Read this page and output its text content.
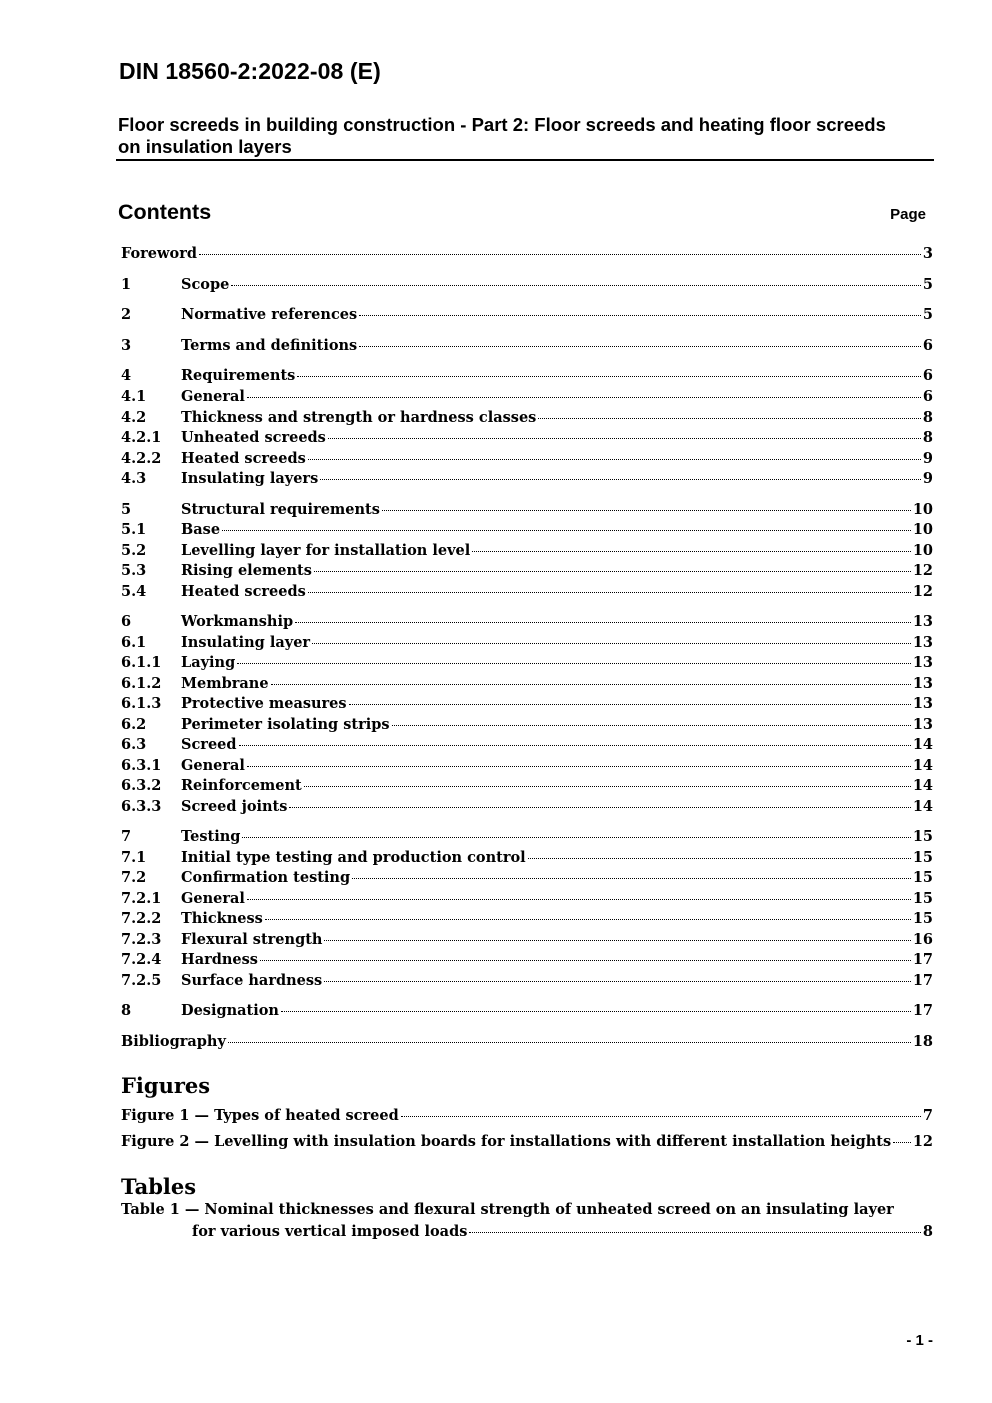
DIN 18560-2:2022-08 (E)
Floor screeds in building construction - Part 2: Floor screeds and heating floor screeds on insulation layers
Contents	Page
Foreword	3
1	Scope	5
2	Normative references	5
3	Terms and definitions	6
4	Requirements	6
4.1 General	6
4.2 Thickness and strength or hardness classes	8
4.2.1 Unheated screeds	8
4.2.2 Heated screeds	9
4.3 Insulating layers	9
5	Structural requirements	10
5.1 Base	10
5.2 Levelling layer for installation level	10
5.3 Rising elements	12
5.4 Heated screeds	12
6	Workmanship	13
6.1 Insulating layer	13
6.1.1 Laying	13
6.1.2 Membrane	13
6.1.3 Protective measures	13
6.2 Perimeter isolating strips	13
6.3 Screed	14
6.3.1 General	14
6.3.2 Reinforcement	14
6.3.3 Screed joints	14
7	Testing	15
7.1 Initial type testing and production control	15
7.2 Confirmation testing	15
7.2.1 General	15
7.2.2 Thickness	15
7.2.3 Flexural strength	16
7.2.4 Hardness	17
7.2.5 Surface hardness	17
8	Designation	17
Bibliography	18
Figures
Figure 1 — Types of heated screed	7
Figure 2 — Levelling with insulation boards for installations with different installation heights 12
Tables
Table 1 — Nominal thicknesses and flexural strength of unheated screed on an insulating layer
for various vertical imposed loads	8
- 1 -
